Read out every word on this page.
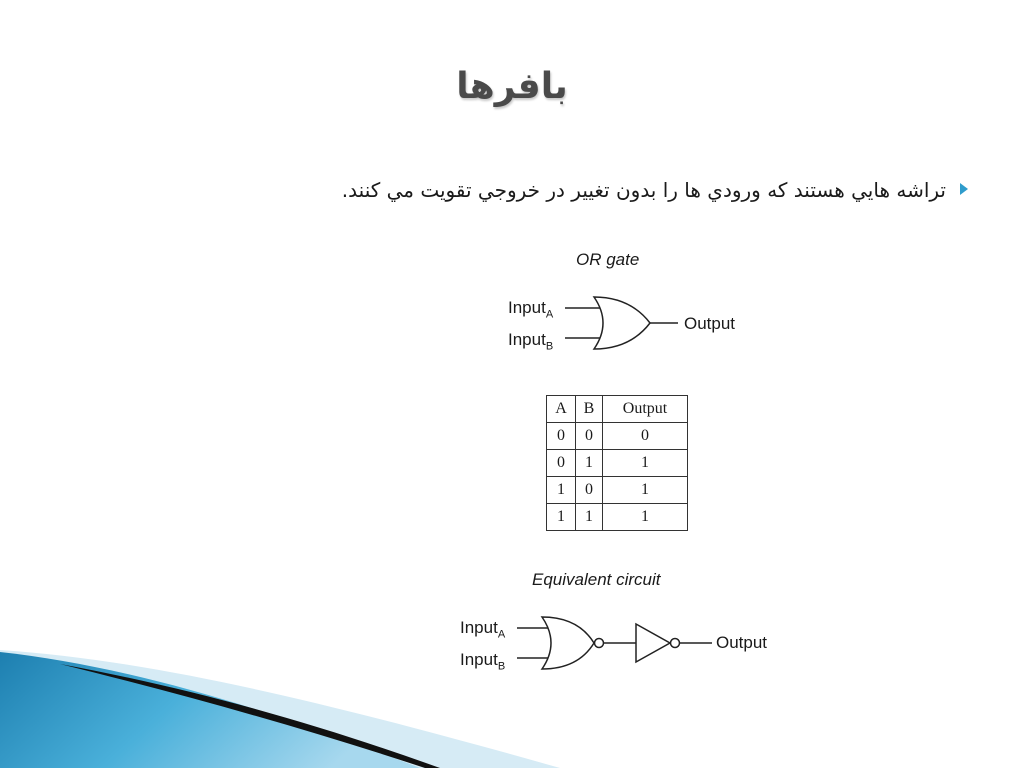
بافرها
تراشه هايي هستند كه ورودي ها را بدون تغيير در خروجي تقويت مي كنند.
OR gate
Input$_A$
Input$_B$
Output
A	B	Output
0	0	0
0	1	1
1	0	1
1	1	1
Equivalent circuit
Input$_A$
Input$_B$
Output
